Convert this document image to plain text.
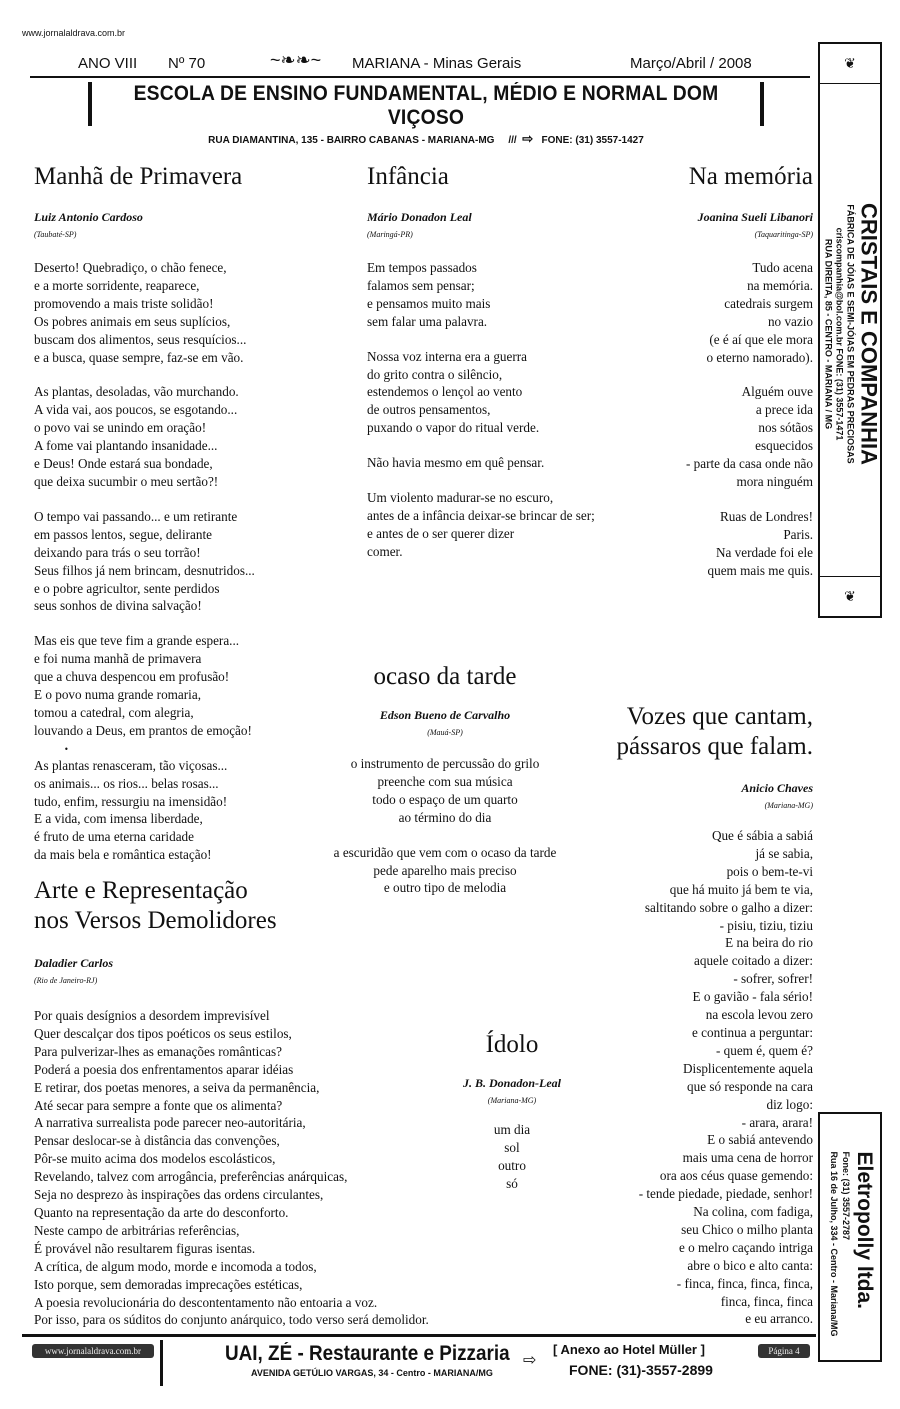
www.jornalaldrava.com.br
ANO VIII Nº 70	~❧❧~ MARIANA - Minas Gerais	Março/Abril / 2008
ESCOLA DE ENSINO FUNDAMENTAL, MÉDIO E NORMAL DOM VIÇOSO
RUA DIAMANTINA, 135 - BAIRRO CABANAS - MARIANA-MG /// ⇨ FONE: (31) 3557-1427
Manhã de Primavera
Luiz Antonio Cardoso
(Taubaté-SP)
Deserto! Quebradiço, o chão fenece,
e a morte sorridente, reaparece,
promovendo a mais triste solidão!
Os pobres animais em seus suplícios,
buscam dos alimentos, seus resquícios...
e a busca, quase sempre, faz-se em vão.
As plantas, desoladas, vão murchando.
A vida vai, aos poucos, se esgotando...
o povo vai se unindo em oração!
A fome vai plantando insanidade...
e Deus! Onde estará sua bondade,
que deixa sucumbir o meu sertão?!
O tempo vai passando... e um retirante
em passos lentos, segue, delirante
deixando para trás o seu torrão!
Seus filhos já nem brincam, desnutridos...
e o pobre agricultor, sente perdidos
seus sonhos de divina salvação!
Mas eis que teve fim a grande espera...
e foi numa manhã de primavera
que a chuva despencou em profusão!
E o povo numa grande romaria,
tomou a catedral, com alegria,
louvando a Deus, em prantos de emoção!
As plantas renasceram, tão viçosas...
os animais... os rios... belas rosas...
tudo, enfim, ressurgiu na imensidão!
E a vida, com imensa liberdade,
é fruto de uma eterna caridade
da mais bela e romântica estação!
•
Infância
Mário Donadon Leal
(Maringá-PR)
Em tempos passados
falamos sem pensar;
e pensamos muito mais
sem falar uma palavra.
Nossa voz interna era a guerra
do grito contra o silêncio,
estendemos o lençol ao vento
de outros pensamentos,
puxando o vapor do ritual verde.
Não havia mesmo em quê pensar.
Um violento madurar-se no escuro,
antes de a infância deixar-se brincar de ser;
e antes de o ser querer dizer
comer.
Na memória
Joanina Sueli Libanori
(Taquaritinga-SP)
Tudo acena
na memória.
catedrais surgem
no vazio
(e é aí que ele mora
o eterno namorado).
Alguém ouve
a prece ida
nos sótãos
esquecidos
- parte da casa onde não
mora ninguém
Ruas de Londres!
Paris.
Na verdade foi ele
quem mais me quis.
ocaso da tarde
Edson Bueno de Carvalho
(Mauá-SP)
o instrumento de percussão do grilo
preenche com sua música
todo o espaço de um quarto
ao término do dia
a escuridão que vem com o ocaso da tarde
pede aparelho mais preciso
e outro tipo de melodia
Vozes que cantam,
pássaros que falam.
Anicio Chaves
(Mariana-MG)
Que é sábia a sabiá
já se sabia,
pois o bem-te-vi
que há muito já bem te via,
saltitando sobre o galho a dizer:
- pisiu, tiziu, tiziu
E na beira do rio
aquele coitado a dizer:
- sofrer, sofrer!
E o gavião - fala sério!
na escola levou zero
e continua a perguntar:
- quem é, quem é?
Displicentemente aquela
que só responde na cara
diz logo:
- arara, arara!
E o sabiá antevendo
mais uma cena de horror
ora aos céus quase gemendo:
- tende piedade, piedade, senhor!
Na colina, com fadiga,
seu Chico o milho planta
e o melro caçando intriga
abre o bico e alto canta:
- finca, finca, finca, finca,
finca, finca, finca
e eu arranco.
Arte e Representação
nos Versos Demolidores
Daladier Carlos
(Rio de Janeiro-RJ)
Por quais desígnios a desordem imprevisível
Quer descalçar dos tipos poéticos os seus estilos,
Para pulverizar-lhes as emanações românticas?
Poderá a poesia dos enfrentamentos aparar idéias
E retirar, dos poetas menores, a seiva da permanência,
Até secar para sempre a fonte que os alimenta?
A narrativa surrealista pode parecer neo-autoritária,
Pensar deslocar-se à distância das convenções,
Pôr-se muito acima dos modelos escolásticos,
Revelando, talvez com arrogância, preferências anárquicas,
Seja no desprezo às inspirações das ordens circulantes,
Quanto na representação da arte do desconforto.
Neste campo de arbitrárias referências,
É provável não resultarem figuras isentas.
A crítica, de algum modo, morde e incomoda a todos,
Isto porque, sem demoradas imprecações estéticas,
A poesia revolucionária do descontentamento não entoaria a voz.
Por isso, para os súditos do conjunto anárquico, todo verso será demolidor.
Ídolo
J. B. Donadon-Leal
(Mariana-MG)
um dia
sol
outro
só
❦
❦
CRISTAIS E COMPANHIA
FÁBRICA DE JÓIAS E SEMI-JÓIAS EM PEDRAS PRECIOSAS
criscompanhia@bol.com.br FONE: (31) 3557-1471
RUA DIREITA, 85 - CENTRO - MARIANA / MG
Eletropolly ltda.
Fone: (31) 3557-2787
Rua 16 de Julho, 334 - Centro - Mariana/MG
www.jornalaldrava.com.br	Página 4
UAI, ZÉ - Restaurante e Pizzaria
AVENIDA GETÚLIO VARGAS, 34 - Centro - MARIANA/MG
⇨
[ Anexo ao Hotel Müller ]
FONE: (31)-3557-2899
